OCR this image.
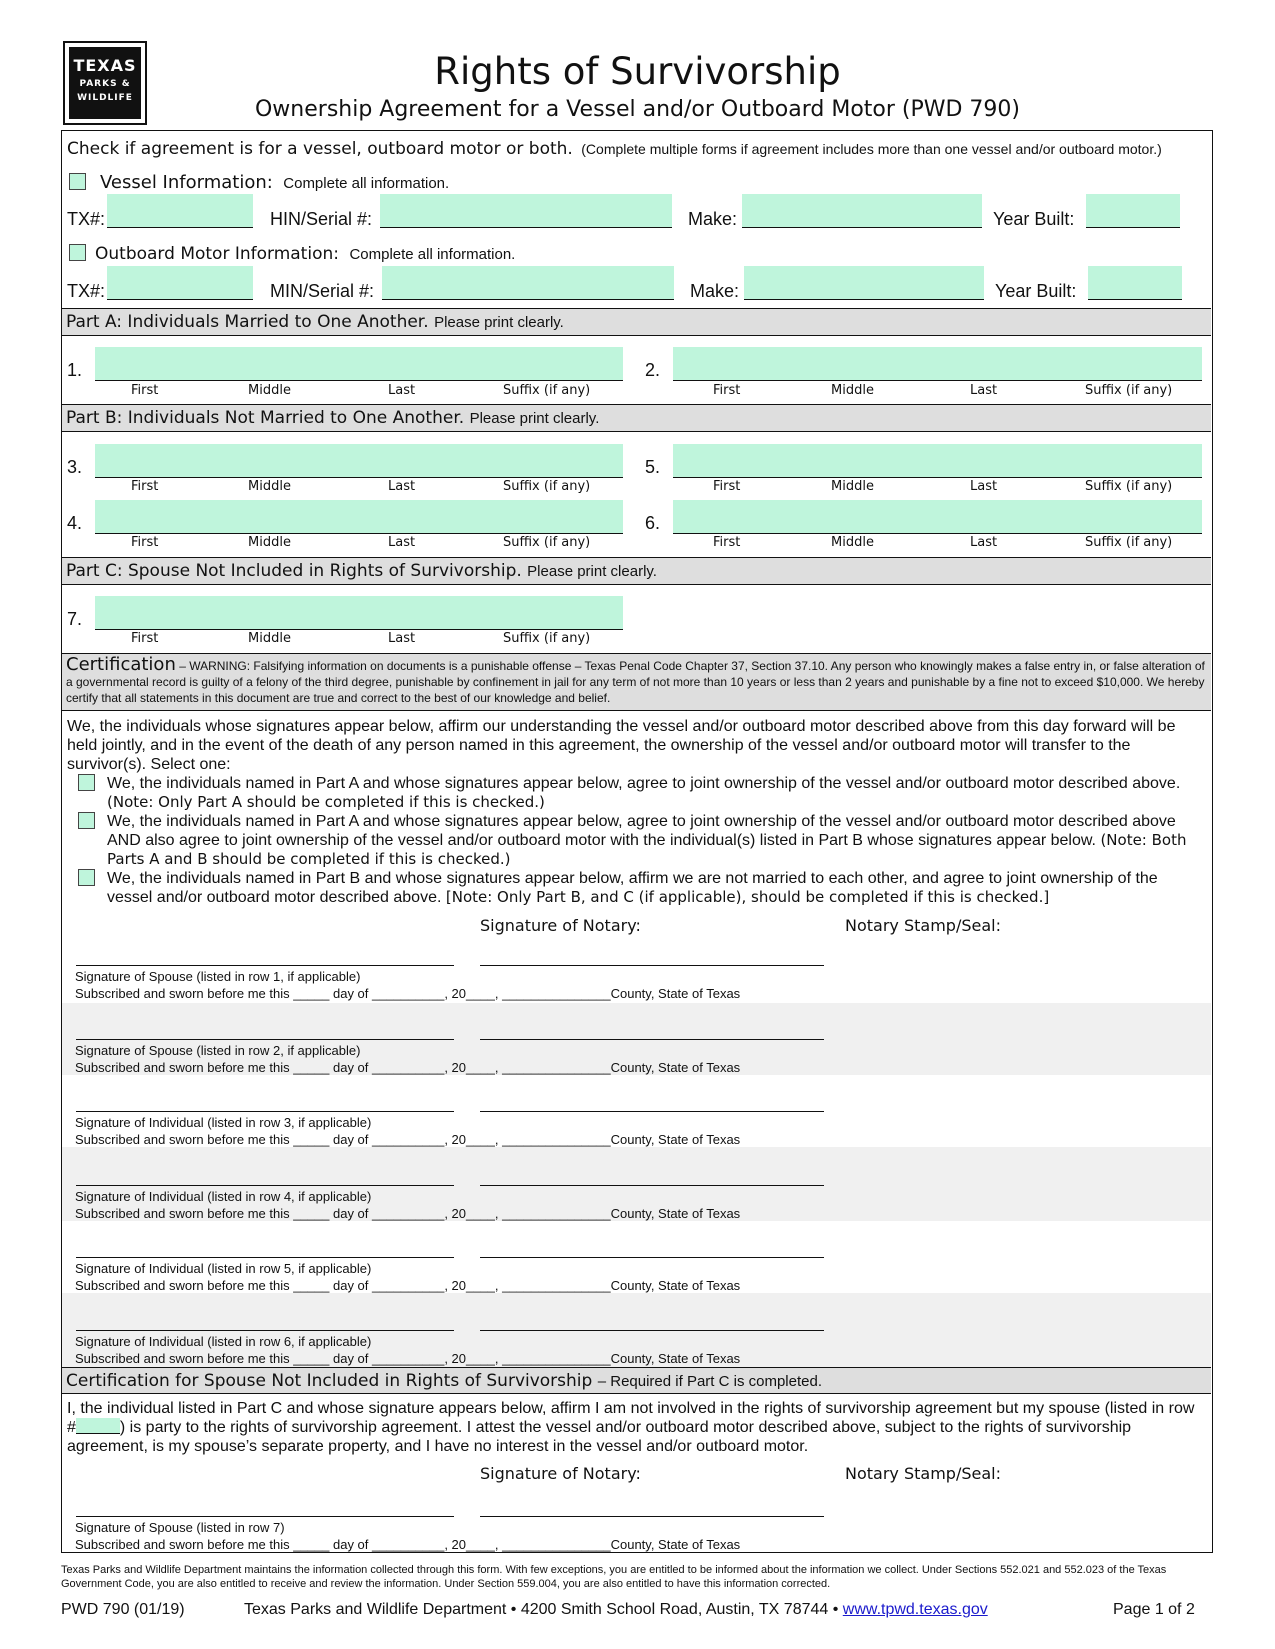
TEXAS
PARKS &
WILDLIFE
Rights of Survivorship
Ownership Agreement for a Vessel and/or Outboard Motor (PWD 790)
Check if agreement is for a vessel, outboard motor or both. (Complete multiple forms if agreement includes more than one vessel and/or outboard motor.)
Vessel Information: Complete all information.
TX#:	HIN/Serial #:	Make:	Year Built:
Outboard Motor Information: Complete all information.
TX#:	MIN/Serial #:	Make:	Year Built:
Part A: Individuals Married to One Another. Please print clearly.
1.
First	Middle	Last	Suffix (if any)
2.
First	Middle	Last	Suffix (if any)
Part B: Individuals Not Married to One Another. Please print clearly.
3.
First	Middle	Last	Suffix (if any)
5.
First	Middle	Last	Suffix (if any)
4.
First	Middle	Last	Suffix (if any)
6.
First	Middle	Last	Suffix (if any)
Part C: Spouse Not Included in Rights of Survivorship. Please print clearly.
7.
First	Middle	Last	Suffix (if any)
Certification – WARNING: Falsifying information on documents is a punishable offense – Texas Penal Code Chapter 37, Section 37.10. Any person who knowingly makes a false entry in, or false alteration of a governmental record is guilty of a felony of the third degree, punishable by confinement in jail for any term of not more than 10 years or less than 2 years and punishable by a fine not to exceed $10,000. We hereby certify that all statements in this document are true and correct to the best of our knowledge and belief.
We, the individuals whose signatures appear below, affirm our understanding the vessel and/or outboard motor described above from this day forward will be held jointly, and in the event of the death of any person named in this agreement, the ownership of the vessel and/or outboard motor will transfer to the survivor(s). Select one:
We, the individuals named in Part A and whose signatures appear below, agree to joint ownership of the vessel and/or outboard motor described above. (Note: Only Part A should be completed if this is checked.)
We, the individuals named in Part A and whose signatures appear below, agree to joint ownership of the vessel and/or outboard motor described above AND also agree to joint ownership of the vessel and/or outboard motor with the individual(s) listed in Part B whose signatures appear below. (Note: Both Parts A and B should be completed if this is checked.)
We, the individuals named in Part B and whose signatures appear below, affirm we are not married to each other, and agree to joint ownership of the vessel and/or outboard motor described above. [Note: Only Part B, and C (if applicable), should be completed if this is checked.]
Signature of Notary:	Notary Stamp/Seal:
Signature of Spouse (listed in row 1, if applicable)
Subscribed and sworn before me this _____ day of __________, 20____, _______________County, State of Texas
Signature of Spouse (listed in row 2, if applicable)
Subscribed and sworn before me this _____ day of __________, 20____, _______________County, State of Texas
Signature of Individual (listed in row 3, if applicable)
Subscribed and sworn before me this _____ day of __________, 20____, _______________County, State of Texas
Signature of Individual (listed in row 4, if applicable)
Subscribed and sworn before me this _____ day of __________, 20____, _______________County, State of Texas
Signature of Individual (listed in row 5, if applicable)
Subscribed and sworn before me this _____ day of __________, 20____, _______________County, State of Texas
Signature of Individual (listed in row 6, if applicable)
Subscribed and sworn before me this _____ day of __________, 20____, _______________County, State of Texas
Certification for Spouse Not Included in Rights of Survivorship – Required if Part C is completed.
I, the individual listed in Part C and whose signature appears below, affirm I am not involved in the rights of survivorship agreement but my spouse (listed in row #	) is party to the rights of survivorship agreement. I attest the vessel and/or outboard motor described above, subject to the rights of survivorship agreement, is my spouse’s separate property, and I have no interest in the vessel and/or outboard motor.
Signature of Notary:	Notary Stamp/Seal:
Signature of Spouse (listed in row 7)
Subscribed and sworn before me this _____ day of __________, 20____, _______________County, State of Texas
Texas Parks and Wildlife Department maintains the information collected through this form. With few exceptions, you are entitled to be informed about the information we collect. Under Sections 552.021 and 552.023 of the Texas Government Code, you are also entitled to receive and review the information. Under Section 559.004, you are also entitled to have this information corrected.
PWD 790 (01/19)	Texas Parks and Wildlife Department • 4200 Smith School Road, Austin, TX 78744 • www.tpwd.texas.gov	Page 1 of 2
